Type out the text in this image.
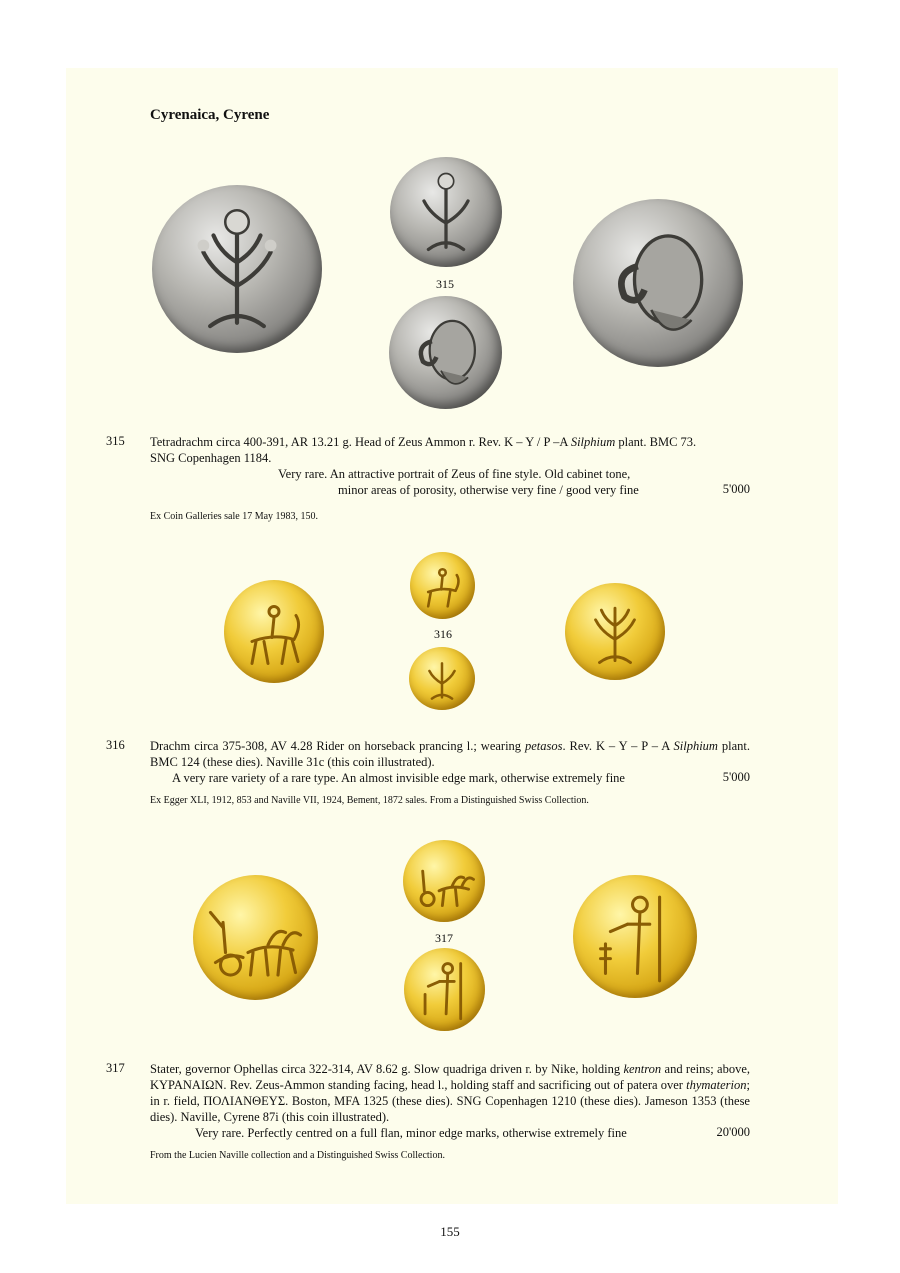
Cyrenaica, Cyrene
315
315 Tetradrachm circa 400-391, AR 13.21 g. Head of Zeus Ammon r. Rev. K – Y / P –A Silphium plant. BMC 73.

SNG Copenhagen 1184.

Very rare. An attractive portrait of Zeus of fine style. Old cabinet tone,
minor areas of porosity, otherwise very fine / good very fine	5'000
Ex Coin Galleries sale 17 May 1983, 150.
316
316 Drachm circa 375-308, AV 4.28 Rider on horseback prancing l.; wearing petasos. Rev. K – Y – P – A Silphium plant. BMC 124 (these dies). Naville 31c (this coin illustrated).

A very rare variety of a rare type. An almost invisible edge mark, otherwise extremely fine	5'000
Ex Egger XLI, 1912, 853 and Naville VII, 1924, Bement, 1872 sales. From a Distinguished Swiss Collection.
317
317 Stater, governor Ophellas circa 322-314, AV 8.62 g. Slow quadriga driven r. by Nike, holding kentron and reins; above, ΚΥΡΑΝΑΙΩΝ. Rev. Zeus-Ammon standing facing, head l., holding staff and sacrificing out of patera over thymaterion; in r. field, ΠΟΛΙΑΝΘΕΥΣ. Boston, MFA 1325 (these dies). SNG Copenhagen 1210 (these dies). Jameson 1353 (these dies). Naville, Cyrene 87i (this coin illustrated).

Very rare. Perfectly centred on a full flan, minor edge marks, otherwise extremely fine	20'000
From the Lucien Naville collection and a Distinguished Swiss Collection.
155
